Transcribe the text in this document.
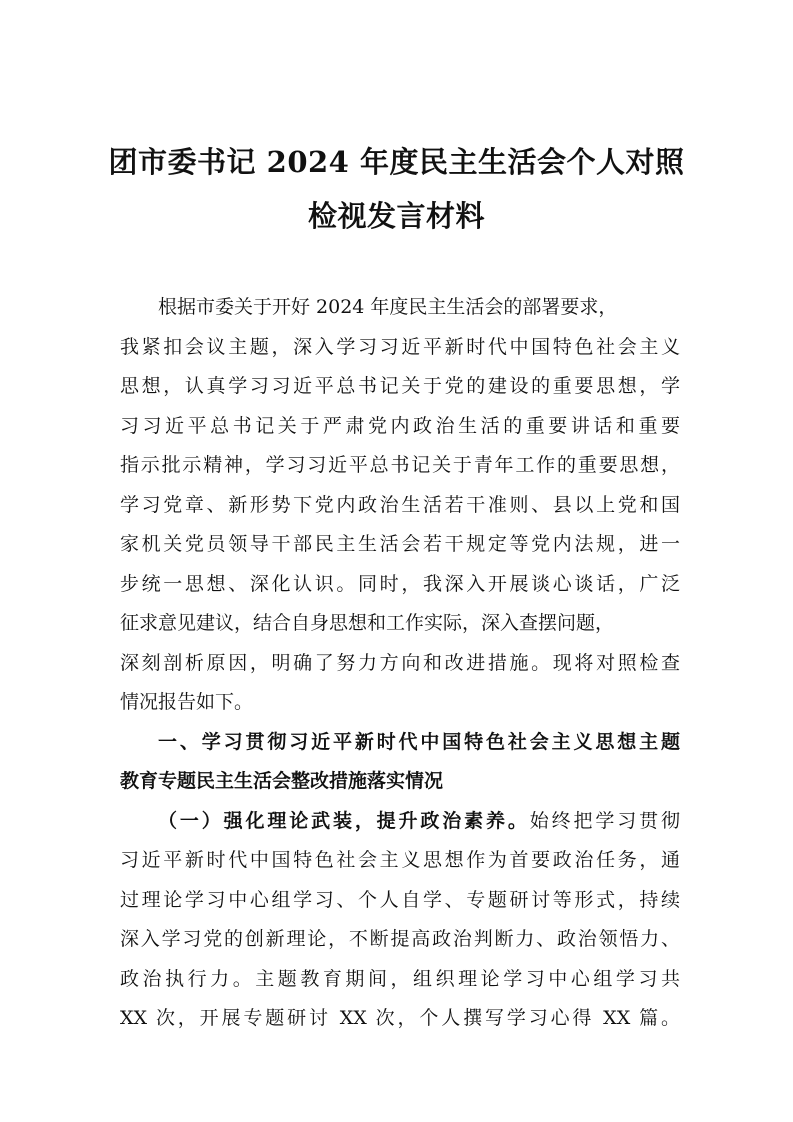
团市委书记 2024 年度民主生活会个人对照
检视发言材料
根据市委关于开好 2024 年度民主生活会的部署要求，
我紧扣会议主题，深入学习习近平新时代中国特色社会主义
思想，认真学习习近平总书记关于党的建设的重要思想，学
习习近平总书记关于严肃党内政治生活的重要讲话和重要
指示批示精神，学习习近平总书记关于青年工作的重要思想，
学习党章、新形势下党内政治生活若干准则、县以上党和国
家机关党员领导干部民主生活会若干规定等党内法规，进一
步统一思想、深化认识。同时，我深入开展谈心谈话，广泛
征求意见建议，结合自身思想和工作实际，深入查摆问题，
深刻剖析原因，明确了努力方向和改进措施。现将对照检查
情况报告如下。
一、学习贯彻习近平新时代中国特色社会主义思想主题
教育专题民主生活会整改措施落实情况
（一）强化理论武装，提升政治素养。始终把学习贯彻
习近平新时代中国特色社会主义思想作为首要政治任务，通
过理论学习中心组学习、个人自学、专题研讨等形式，持续
深入学习党的创新理论，不断提高政治判断力、政治领悟力、
政治执行力。主题教育期间，组织理论学习中心组学习共
XX 次，开展专题研讨 XX 次，个人撰写学习心得 XX 篇。
